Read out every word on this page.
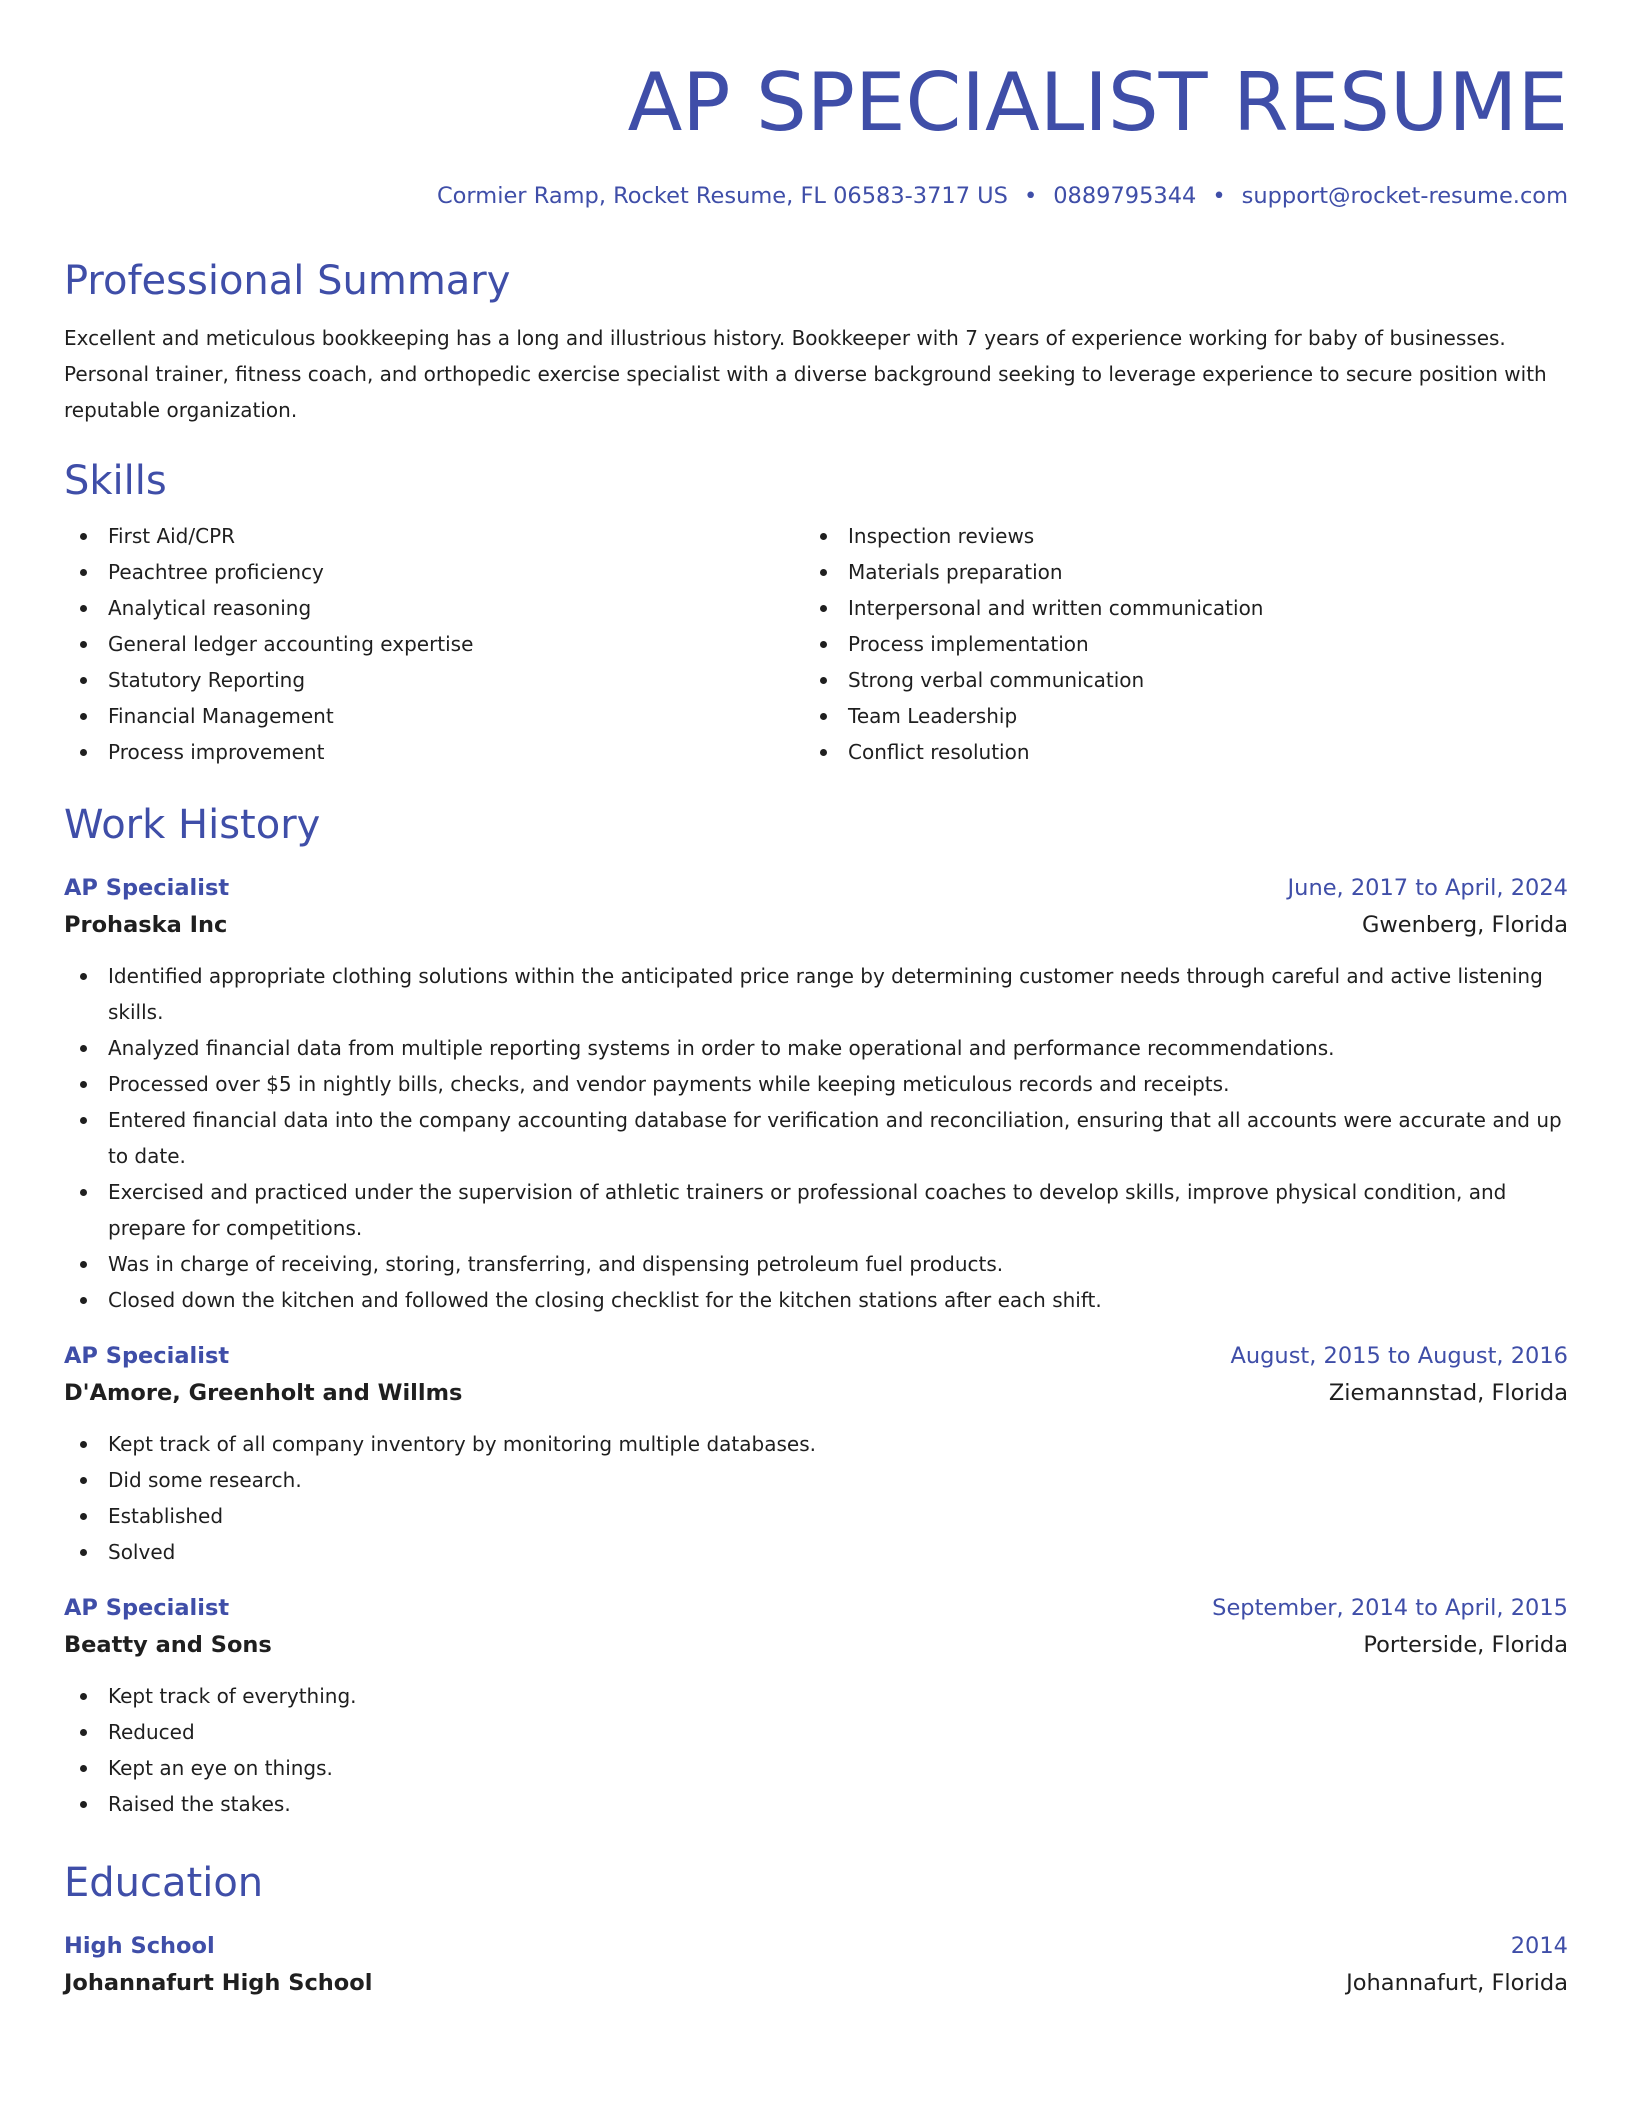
AP SPECIALIST RESUME
Cormier Ramp, Rocket Resume, FL 06583-3717 US • 0889795344 • support@rocket-resume.com
Professional Summary
Excellent and meticulous bookkeeping has a long and illustrious history. Bookkeeper with 7 years of experience working for baby of businesses. Personal trainer, fitness coach, and orthopedic exercise specialist with a diverse background seeking to leverage experience to secure position with reputable organization.
Skills
First Aid/CPR
Peachtree proficiency
Analytical reasoning
General ledger accounting expertise
Statutory Reporting
Financial Management
Process improvement
Inspection reviews
Materials preparation
Interpersonal and written communication
Process implementation
Strong verbal communication
Team Leadership
Conflict resolution
Work History
AP Specialist	June, 2017 to April, 2024
Prohaska Inc	Gwenberg, Florida
Identified appropriate clothing solutions within the anticipated price range by determining customer needs through careful and active listening skills.
Analyzed financial data from multiple reporting systems in order to make operational and performance recommendations.
Processed over $5 in nightly bills, checks, and vendor payments while keeping meticulous records and receipts.
Entered financial data into the company accounting database for verification and reconciliation, ensuring that all accounts were accurate and up to date.
Exercised and practiced under the supervision of athletic trainers or professional coaches to develop skills, improve physical condition, and prepare for competitions.
Was in charge of receiving, storing, transferring, and dispensing petroleum fuel products.
Closed down the kitchen and followed the closing checklist for the kitchen stations after each shift.
AP Specialist	August, 2015 to August, 2016
D'Amore, Greenholt and Willms	Ziemannstad, Florida
Kept track of all company inventory by monitoring multiple databases.
Did some research.
Established
Solved
AP Specialist	September, 2014 to April, 2015
Beatty and Sons	Porterside, Florida
Kept track of everything.
Reduced
Kept an eye on things.
Raised the stakes.
Education
High School	2014
Johannafurt High School	Johannafurt, Florida
